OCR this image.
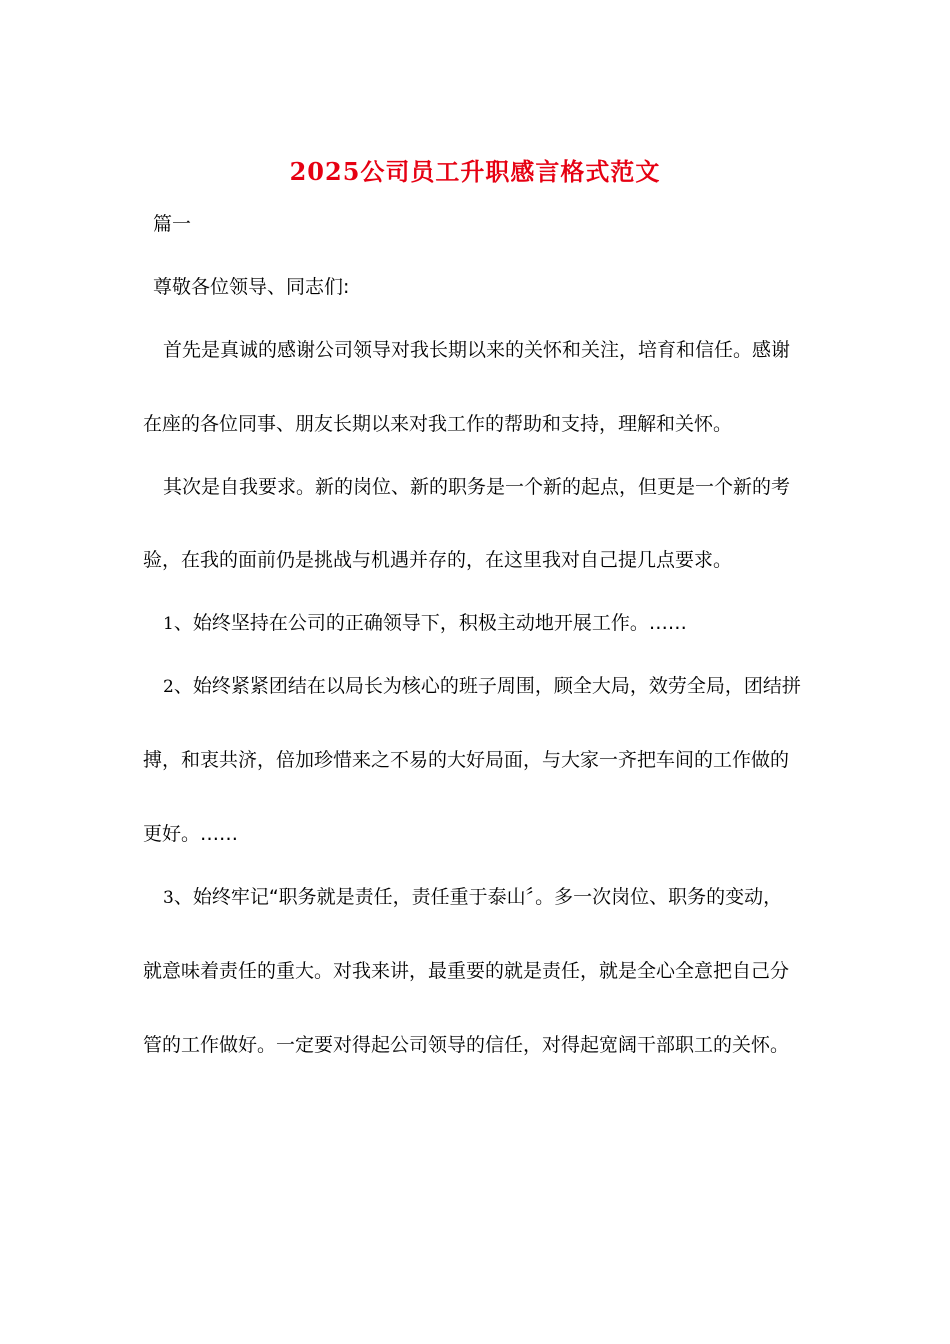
2025公司员工升职感言格式范文
篇一
尊敬各位领导、同志们:
首先是真诚的感谢公司领导对我长期以来的关怀和关注，培育和信任。感谢
在座的各位同事、朋友长期以来对我工作的帮助和支持，理解和关怀。
其次是自我要求。新的岗位、新的职务是一个新的起点，但更是一个新的考
验，在我的面前仍是挑战与机遇并存的，在这里我对自己提几点要求。
1、始终坚持在公司的正确领导下，积极主动地开展工作。……
2、始终紧紧团结在以局长为核心的班子周围，顾全大局，效劳全局，团结拼
搏，和衷共济，倍加珍惜来之不易的大好局面，与大家一齐把车间的工作做的
更好。……
3、始终牢记“职务就是责任，责任重于泰山〞。多一次岗位、职务的变动，
就意味着责任的重大。对我来讲，最重要的就是责任，就是全心全意把自己分
管的工作做好。一定要对得起公司领导的信任，对得起宽阔干部职工的关怀。
